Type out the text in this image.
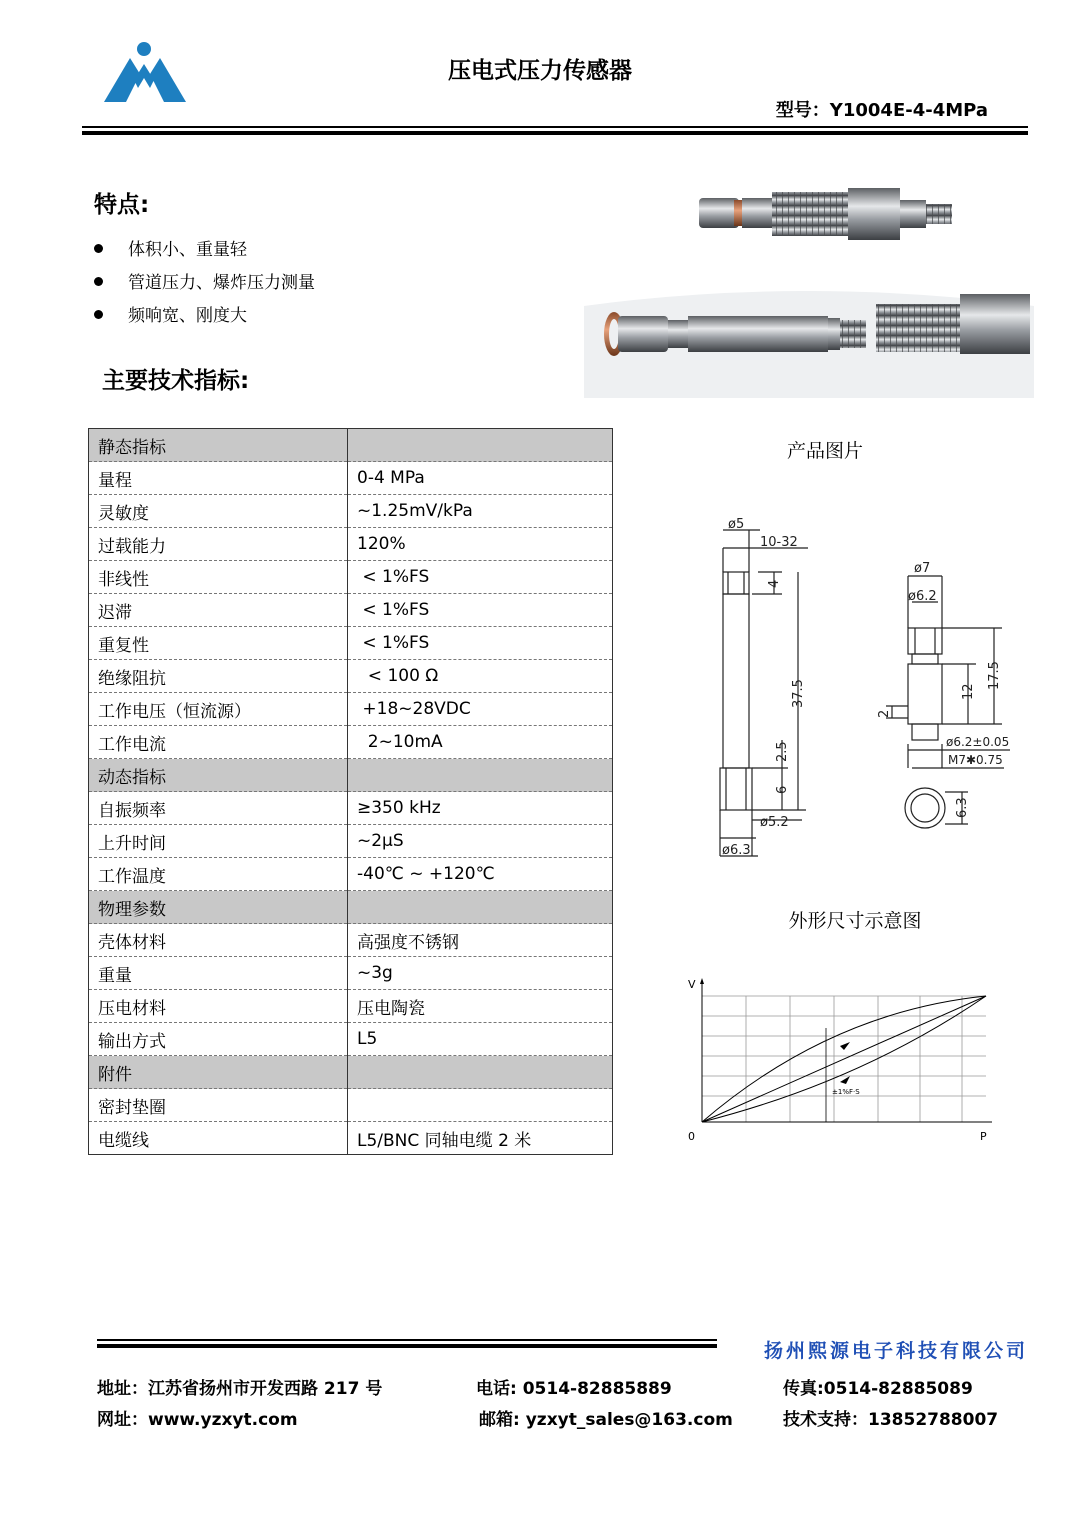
压电式压力传感器
型号：Y1004E-4-4MPa
特点:
体积小、重量轻
管道压力、爆炸压力测量
频响宽、刚度大
主要技术指标:
产品图片
静态指标	
量程	0-4 MPa
灵敏度	~1.25mV/kPa
过载能力	120%
非线性	< 1%FS
迟滞	< 1%FS
重复性	< 1%FS
绝缘阻抗	< 100 Ω
工作电压（恒流源）	+18~28VDC
工作电流	2~10mA
动态指标	
自振频率	≥350 kHz
上升时间	~2μS
工作温度	-40℃ ~ +120℃
物理参数	
壳体材料	高强度不锈钢
重量	~3g
压电材料	压电陶瓷
输出方式	L5
附件	
密封垫圈	
电缆线	L5/BNC 同轴电缆 2 米
ø5
10-32
4
37.5
2.5
6
ø5.2
ø6.3
ø7
ø6.2
17.5
12
2
ø6.2±0.05
M7✱0.75
6.3
外形尺寸示意图
V
P
0
±1%F·S
扬州熙源电子科技有限公司
地址：江苏省扬州市开发西路 217 号	电话: 0514-82885889	传真:0514-82885089
网址：www.yzxyt.com	邮箱: yzxyt_sales@163.com	技术支持：13852788007
